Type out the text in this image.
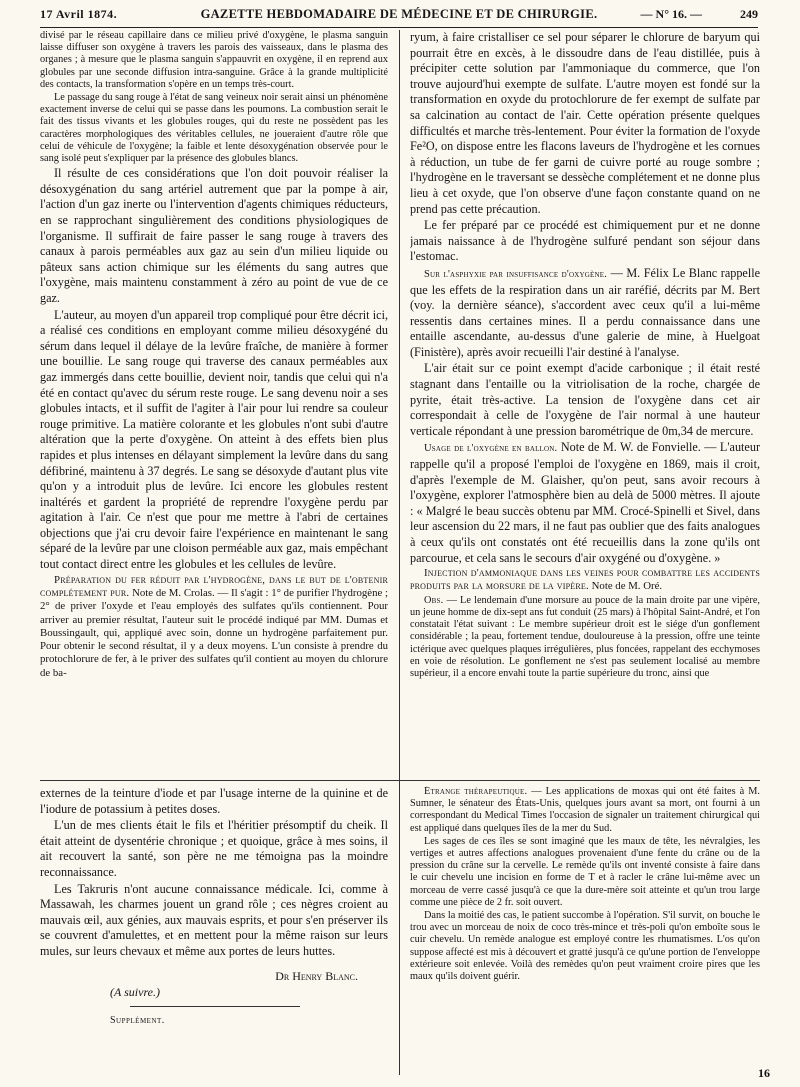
17 Avril 1874.	GAZETTE HEBDOMADAIRE DE MÉDECINE ET DE CHIRURGIE.	— N° 16. —	249

divisé par le réseau capillaire dans ce milieu privé d'oxygène, le plasma sanguin laisse diffuser son oxygène à travers les parois des vaisseaux, dans le plasma des organes ; à mesure que le plasma sanguin s'appauvrit en oxygène, il en reprend aux globules par une seconde diffusion intra-sanguine. Grâce à la grande multiplicité des contacts, la transformation s'opère en un temps très-court.

Le passage du sang rouge à l'état de sang veineux noir serait ainsi un phénomène exactement inverse de celui qui se passe dans les poumons. La combustion serait le fait des tissus vivants et les globules rouges, qui du reste ne possèdent pas les caractères morphologiques des véritables cellules, ne joueraient d'autre rôle que celui de véhicule de l'oxygène; la faible et lente désoxygénation observée pour le sang isolé peut s'expliquer par la présence des globules blancs.

Il résulte de ces considérations que l'on doit pouvoir réaliser la désoxygénation du sang artériel autrement que par la pompe à air, l'action d'un gaz inerte ou l'intervention d'agents chimiques réducteurs, en se rapprochant singulièrement des conditions physiologiques de l'organisme. Il suffirait de faire passer le sang rouge à travers des canaux à parois perméables aux gaz au sein d'un milieu liquide ou pâteux sans action chimique sur les éléments du sang autres que l'oxygène, mais maintenu constamment à zéro au point de vue de ce gaz.

L'auteur, au moyen d'un appareil trop compliqué pour être décrit ici, a réalisé ces conditions en employant comme milieu désoxygéné du sérum dans lequel il délaye de la levûre fraîche, de manière à former une bouillie. Le sang rouge qui traverse des canaux perméables aux gaz immergés dans cette bouillie, devient noir, tandis que celui qui n'a été en contact qu'avec du sérum reste rouge. Le sang devenu noir a ses globules intacts, et il suffit de l'agiter à l'air pour lui rendre sa couleur rouge primitive. La matière colorante et les globules n'ont subi d'autre altération que la perte d'oxygène. On atteint à des effets bien plus rapides et plus intenses en délayant simplement la levûre dans du sang défibriné, maintenu à 37 degrés. Le sang se désoxyde d'autant plus vite qu'on y a introduit plus de levûre. Ici encore les globules restent inaltérés et gardent la propriété de reprendre l'oxygène perdu par agitation à l'air. Ce n'est que pour me mettre à l'abri de certaines objections que j'ai cru devoir faire l'expérience en maintenant le sang séparé de la levûre par une cloison perméable aux gaz, mais empêchant tout contact direct entre les globules et les cellules de levûre.

Préparation du fer réduit par l'hydrogène, dans le but de l'obtenir complétement pur. Note de M. Crolas. — Il s'agit : 1° de purifier l'hydrogène ; 2° de priver l'oxyde et l'eau employés des sulfates qu'ils contiennent. Pour arriver au premier résultat, l'auteur suit le procédé indiqué par MM. Dumas et Boussingault, qui, appliqué avec soin, donne un hydrogène parfaitement pur. Pour obtenir le second résultat, il y a deux moyens. L'un consiste à prendre du protochlorure de fer, à le priver des sulfates qu'il contient au moyen du chlorure de ba-

ryum, à faire cristalliser ce sel pour séparer le chlorure de baryum qui pourrait être en excès, à le dissoudre dans de l'eau distillée, puis à précipiter cette solution par l'ammoniaque du commerce, que l'on trouve aujourd'hui exempte de sulfate. L'autre moyen est fondé sur la transformation en oxyde du protochlorure de fer exempt de sulfate par sa calcination au contact de l'air. Cette opération présente quelques difficultés et marche très-lentement. Pour éviter la formation de l'oxyde Fe²O, on dispose entre les flacons laveurs de l'hydrogène et les cornues à réduction, un tube de fer garni de cuivre porté au rouge sombre ; l'hydrogène en le traversant se dessèche complétement et ne donne plus lieu à cet oxyde, que l'on observe d'une façon constante quand on ne prend pas cette précaution.

Le fer préparé par ce procédé est chimiquement pur et ne donne jamais naissance à de l'hydrogène sulfuré pendant son séjour dans l'estomac.

Sur l'asphyxie par insuffisance d'oxygène. — M. Félix Le Blanc rappelle que les effets de la respiration dans un air raréfié, décrits par M. Bert (voy. la dernière séance), s'accordent avec ceux qu'il a lui-même ressentis dans certaines mines. Il a perdu connaissance dans une entaille ascendante, au-dessus d'une galerie de mine, à Huelgoat (Finistère), après avoir recueilli l'air destiné à l'analyse.

L'air était sur ce point exempt d'acide carbonique ; il était resté stagnant dans l'entaille ou la vitriolisation de la roche, chargée de pyrite, était très-active. La tension de l'oxygène dans cet air correspondait à celle de l'oxygène de l'air normal à une hauteur verticale répondant à une pression barométrique de 0m,34 de mercure.

Usage de l'oxygène en ballon. Note de M. W. de Fonvielle. — L'auteur rappelle qu'il a proposé l'emploi de l'oxygène en 1869, mais il croit, d'après l'exemple de M. Glaisher, qu'on peut, sans avoir recours à l'oxygène, explorer l'atmosphère bien au delà de 5000 mètres. Il ajoute : « Malgré le beau succès obtenu par MM. Crocé-Spinelli et Sivel, dans leur ascension du 22 mars, il ne faut pas oublier que des faits analogues à ceux qu'ils ont constatés ont été recueillis dans la zone qu'ils ont parcourue, et cela sans le secours d'air oxygéné ou d'oxygène. »

Injection d'ammoniaque dans les veines pour combattre les accidents produits par la morsure de la vipère. Note de M. Oré.

Obs. — Le lendemain d'une morsure au pouce de la main droite par une vipère, un jeune homme de dix-sept ans fut conduit (25 mars) à l'hôpital Saint-André, et l'on constatait l'état suivant : Le membre supérieur droit est le siége d'un gonflement considérable ; la peau, fortement tendue, douloureuse à la pression, offre une teinte ictérique avec quelques plaques irrégulières, plus foncées, rappelant des ecchymoses en voie de résolution. Le gonflement ne s'est pas seulement localisé au membre supérieur, il a encore envahi toute la partie supérieure du tronc, ainsi que

externes de la teinture d'iode et par l'usage interne de la quinine et de l'iodure de potassium à petites doses.

L'un de mes clients était le fils et l'héritier présomptif du cheik. Il était atteint de dysentérie chronique ; et quoique, grâce à mes soins, il ait recouvert la santé, son père ne me témoigna pas la moindre reconnaissance.

Les Takruris n'ont aucune connaissance médicale. Ici, comme à Massawah, les charmes jouent un grand rôle ; ces nègres croient au mauvais œil, aux génies, aux mauvais esprits, et pour s'en préserver ils se couvrent d'amulettes, et en mettent pour la même raison sur leurs mules, sur leurs chevaux et même aux portes de leurs huttes.

Dr Henry Blanc.
(A suivre.)
Supplément.

Étrange thérapeutique. — Les applications de moxas qui ont été faites à M. Sumner, le sénateur des États-Unis, quelques jours avant sa mort, ont fourni à un correspondant du Medical Times l'occasion de signaler un traitement chirurgical qui est appliqué dans quelques îles de la mer du Sud.

Les sages de ces îles se sont imaginé que les maux de tête, les névralgies, les vertiges et autres affections analogues provenaient d'une fente du crâne ou de la pression du crâne sur la cervelle. Le remède qu'ils ont inventé consiste à faire dans le cuir chevelu une incision en forme de T et à racler le crâne lui-même avec un morceau de verre cassé jusqu'à ce que la dure-mère soit atteinte et qu'un trou large comme une pièce de 2 fr. soit ouvert.

Dans la moitié des cas, le patient succombe à l'opération. S'il survit, on bouche le trou avec un morceau de noix de coco très-mince et très-poli qu'on emboîte sous le cuir chevelu. Un remède analogue est employé contre les rhumatismes. L'os qu'on suppose affecté est mis à découvert et gratté jusqu'à ce qu'une portion de l'enveloppe extérieure soit enlevée. Voilà des remèdes qu'on peut vraiment croire pires que les maux qu'ils doivent guérir.

16
